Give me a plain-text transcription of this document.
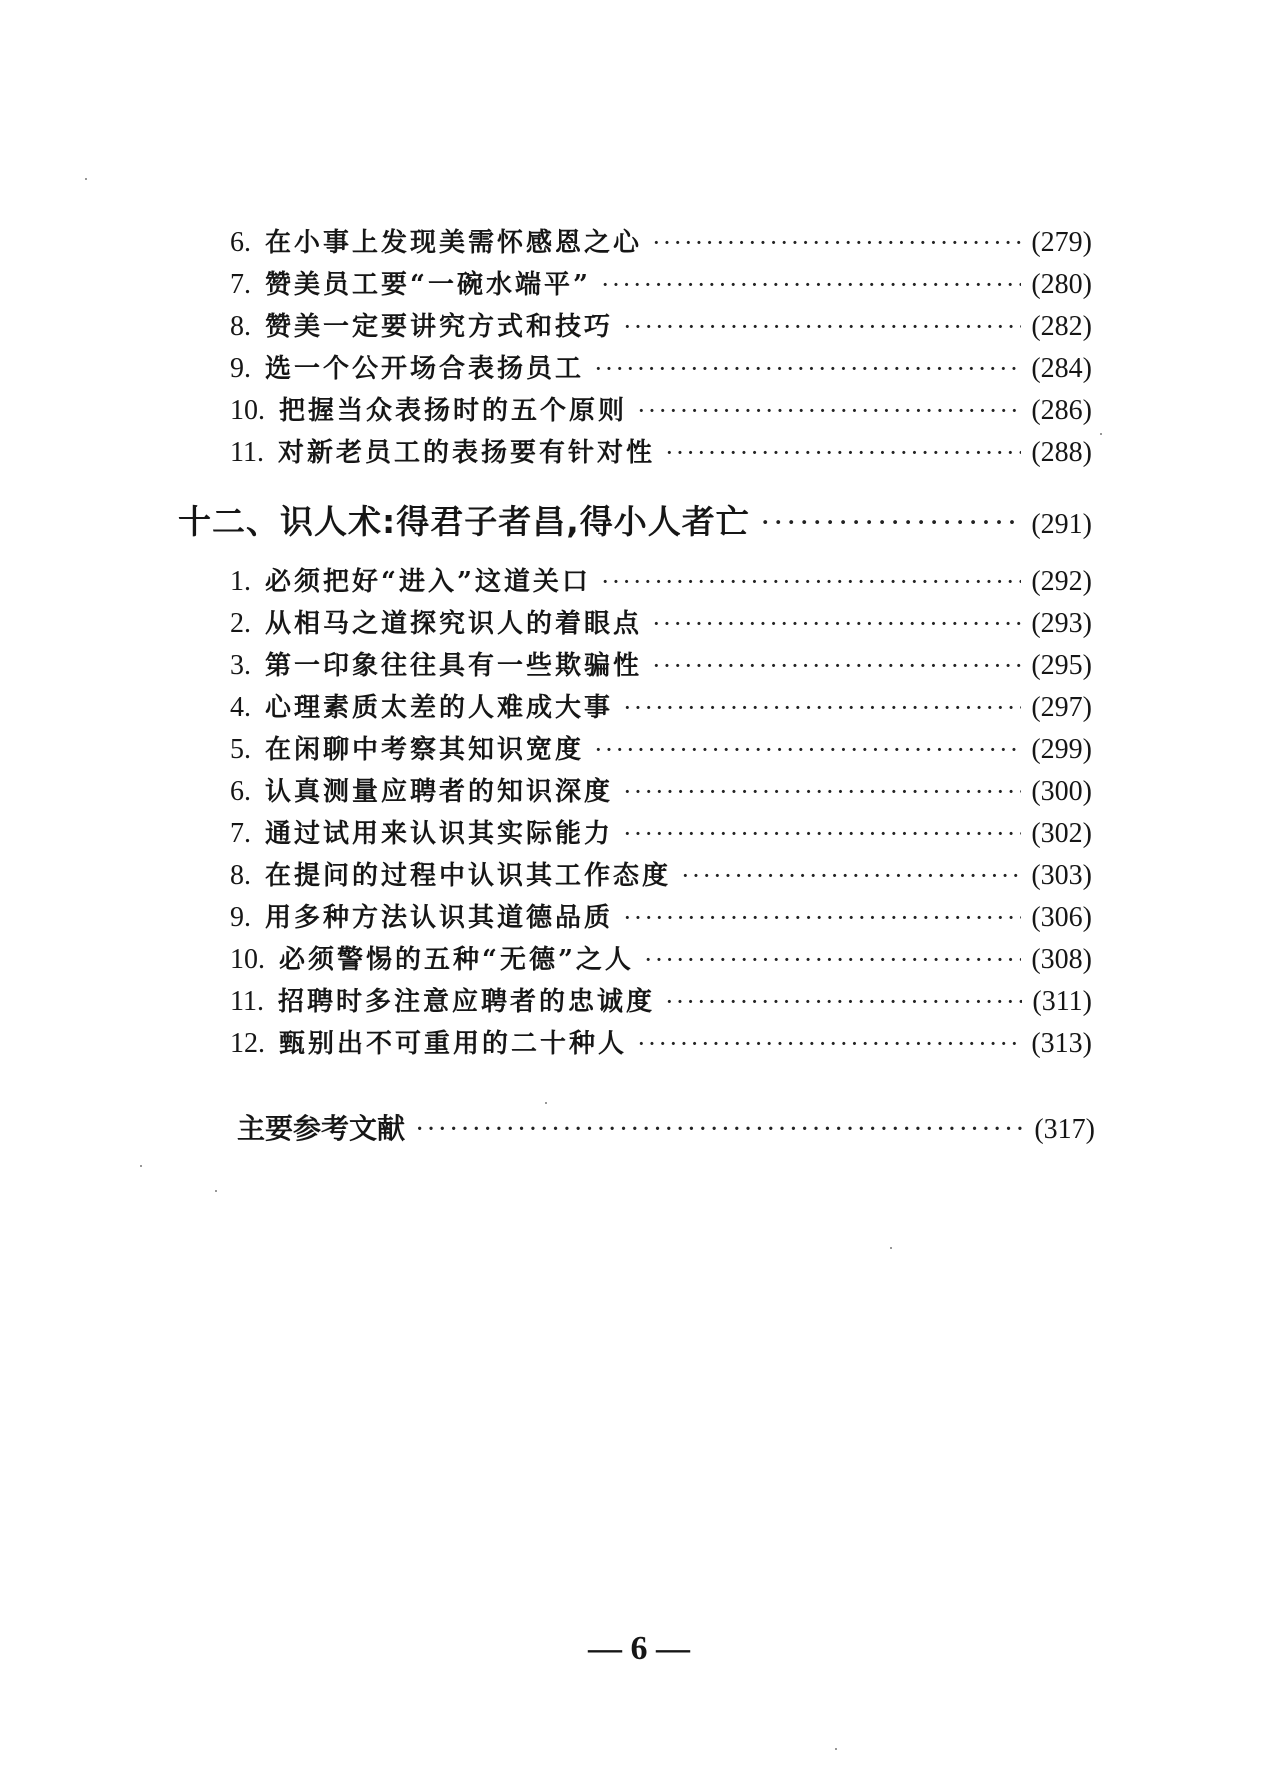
6. 在小事上发现美需怀感恩之心 ·····	(279)
7. 赞美员工要“一碗水端平” ·····	(280)
8. 赞美一定要讲究方式和技巧 ·····	(282)
9. 选一个公开场合表扬员工 ·····	(284)
10. 把握当众表扬时的五个原则 ·····	(286)
11. 对新老员工的表扬要有针对性 ·····	(288)
十二、识人术:得君子者昌,得小人者亡 ·····	(291)
1. 必须把好“进入”这道关口 ·····	(292)
2. 从相马之道探究识人的着眼点 ·····	(293)
3. 第一印象往往具有一些欺骗性 ·····	(295)
4. 心理素质太差的人难成大事 ·····	(297)
5. 在闲聊中考察其知识宽度 ·····	(299)
6. 认真测量应聘者的知识深度 ·····	(300)
7. 通过试用来认识其实际能力 ·····	(302)
8. 在提问的过程中认识其工作态度 ·····	(303)
9. 用多种方法认识其道德品质 ·····	(306)
10. 必须警惕的五种“无德”之人 ·····	(308)
11. 招聘时多注意应聘者的忠诚度 ·····	(311)
12. 甄别出不可重用的二十种人 ·····	(313)
主要参考文献 ·····	(317)
— 6 —
